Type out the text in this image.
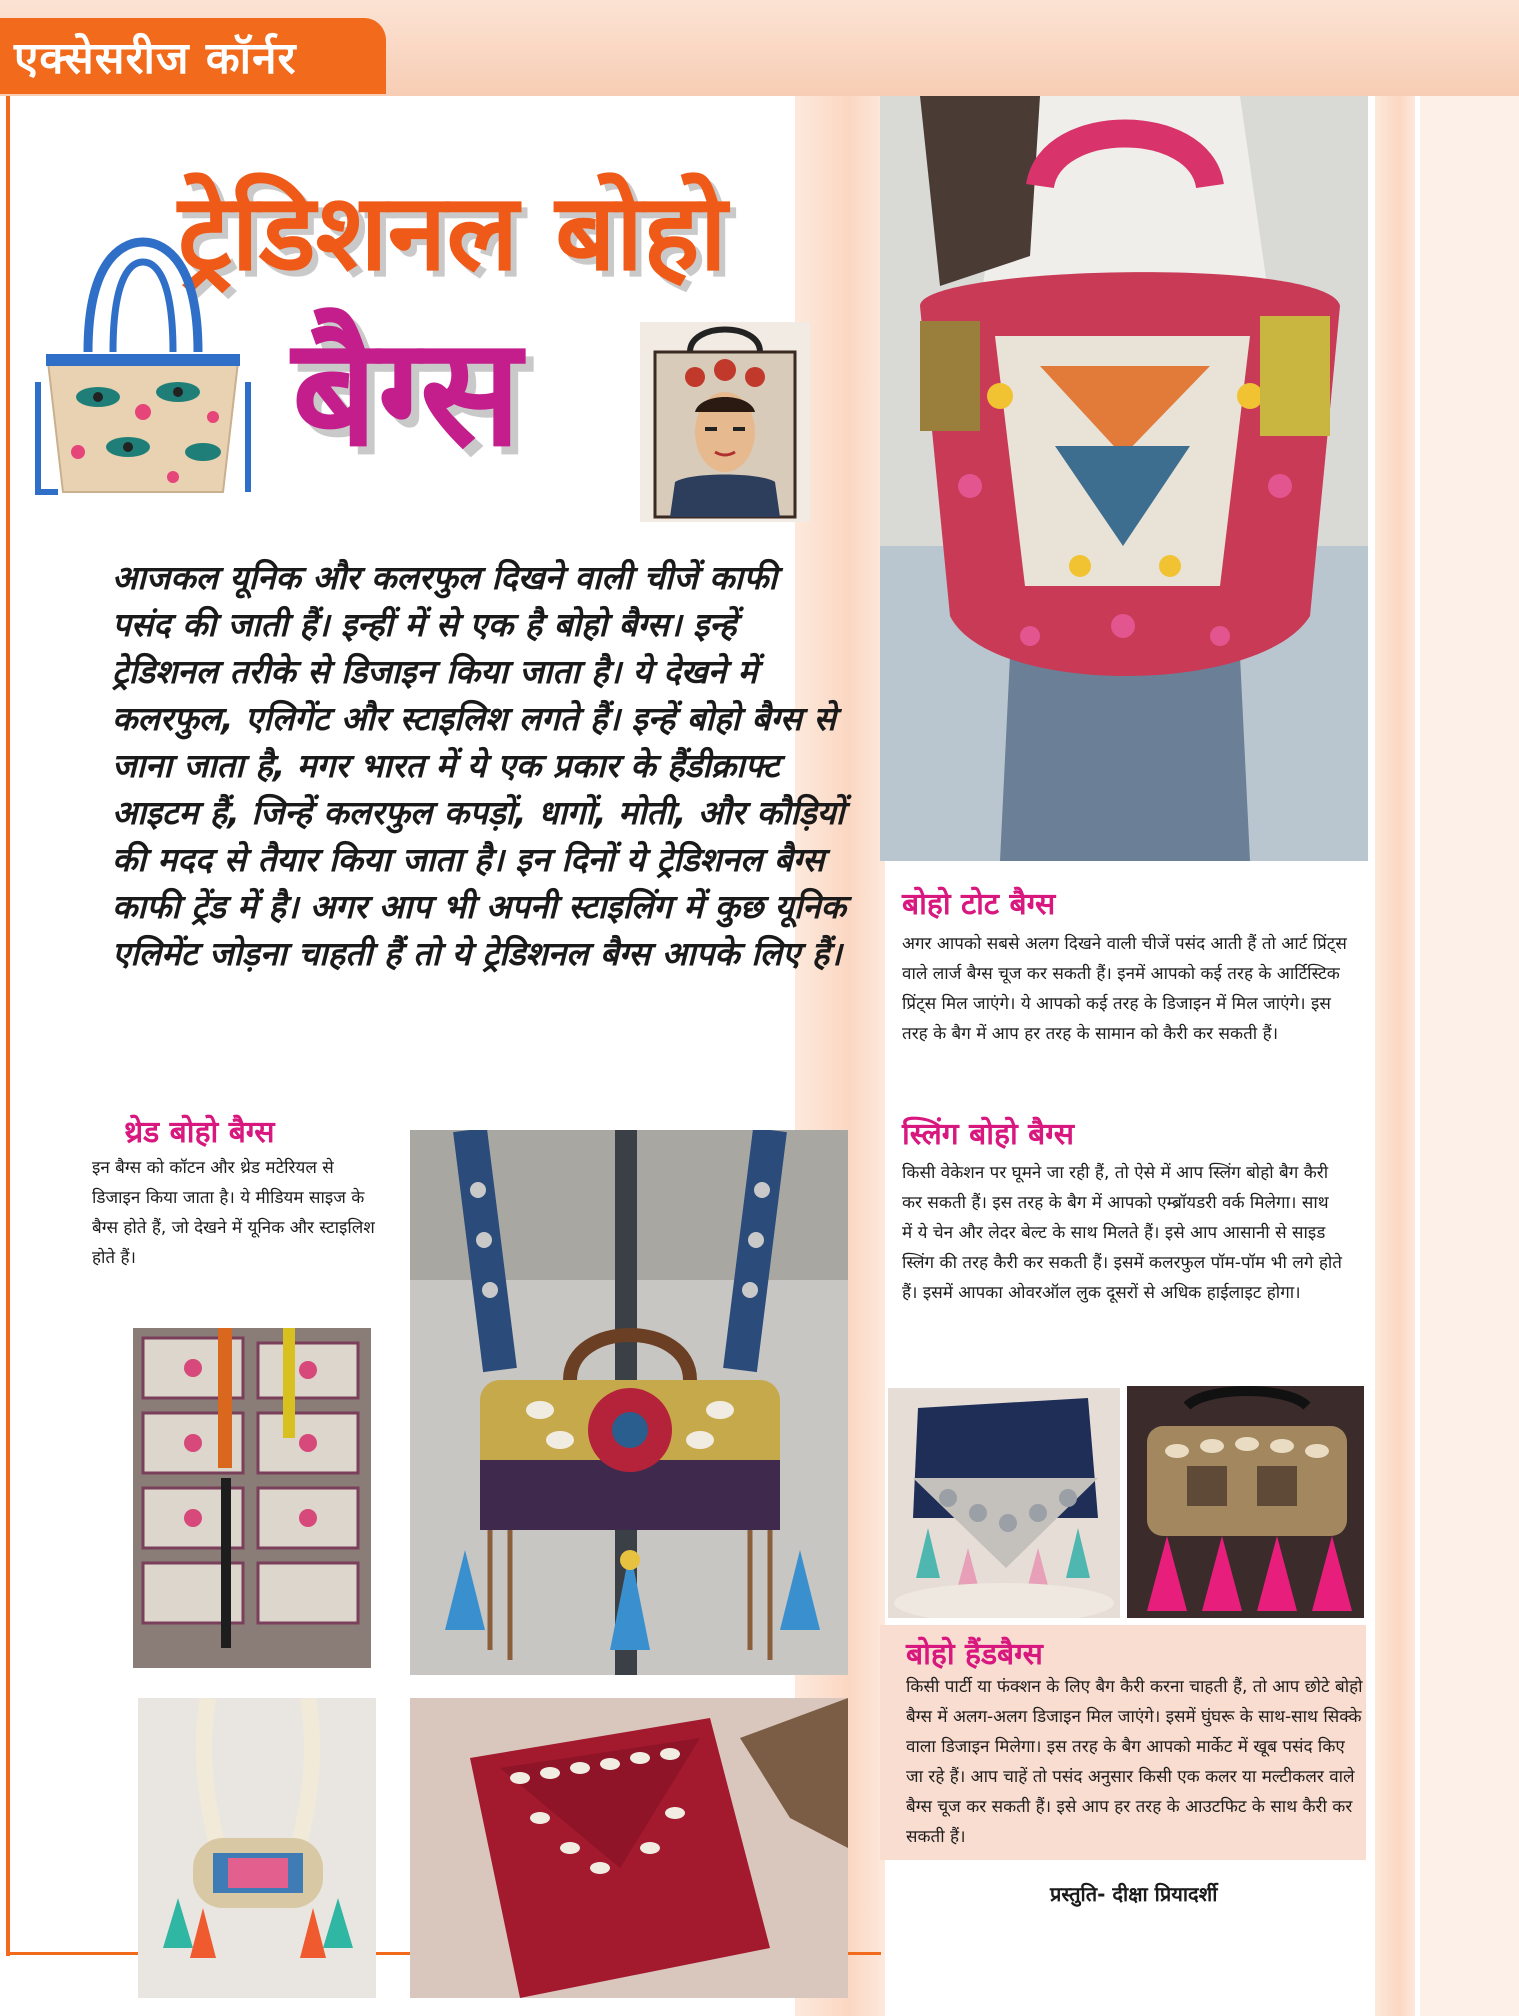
एक्सेसरीज कॉर्नर
ट्रेडिशनल बोहो
बैग्स

आजकल यूनिक और कलरफुल दिखने वाली चीजें काफी पसंद की जाती हैं। इन्हीं में से एक है बोहो बैग्स। इन्हें ट्रेडिशनल तरीके से डिजाइन किया जाता है। ये देखने में कलरफुल, एलिगेंट और स्टाइलिश लगते हैं। इन्हें बोहो बैग्स से जाना जाता है, मगर भारत में ये एक प्रकार के हैंडीक्राफ्ट आइटम हैं, जिन्हें कलरफुल कपड़ों, धागों, मोती, और कौड़ियों की मदद से तैयार किया जाता है। इन दिनों ये ट्रेडिशनल बैग्स काफी ट्रेंड में है। अगर आप भी अपनी स्टाइलिंग में कुछ यूनिक एलिमेंट जोड़ना चाहती हैं तो ये ट्रेडिशनल बैग्स आपके लिए हैं।

बोहो टोट बैग्स
अगर आपको सबसे अलग दिखने वाली चीजें पसंद आती हैं तो आर्ट प्रिंट्स वाले लार्ज बैग्स चूज कर सकती हैं। इनमें आपको कई तरह के आर्टिस्टिक प्रिंट्स मिल जाएंगे। ये आपको कई तरह के डिजाइन में मिल जाएंगे। इस तरह के बैग में आप हर तरह के सामान को कैरी कर सकती हैं।
स्लिंग बोहो बैग्स
किसी वेकेशन पर घूमने जा रही हैं, तो ऐसे में आप स्लिंग बोहो बैग कैरी कर सकती हैं। इस तरह के बैग में आपको एम्ब्रॉयडरी वर्क मिलेगा। साथ में ये चेन और लेदर बेल्ट के साथ मिलते हैं। इसे आप आसानी से साइड स्लिंग की तरह कैरी कर सकती हैं। इसमें कलरफुल पॉम-पॉम भी लगे होते हैं। इसमें आपका ओवरऑल लुक दूसरों से अधिक हाईलाइट होगा।
थ्रेड बोहो बैग्स
इन बैग्स को कॉटन और थ्रेड मटेरियल से डिजाइन किया जाता है। ये मीडियम साइज के बैग्स होते हैं, जो देखने में यूनिक और स्टाइलिश होते हैं।
बोहो हैंडबैग्स
किसी पार्टी या फंक्शन के लिए बैग कैरी करना चाहती हैं, तो आप छोटे बोहो बैग्स में अलग-अलग डिजाइन मिल जाएंगे। इसमें घुंघरू के साथ-साथ सिक्के वाला डिजाइन मिलेगा। इस तरह के बैग आपको मार्केट में खूब पसंद किए जा रहे हैं। आप चाहें तो पसंद अनुसार किसी एक कलर या मल्टीकलर वाले बैग्स चूज कर सकती हैं। इसे आप हर तरह के आउटफिट के साथ कैरी कर सकती हैं।
प्रस्तुति- दीक्षा प्रियादर्शी
